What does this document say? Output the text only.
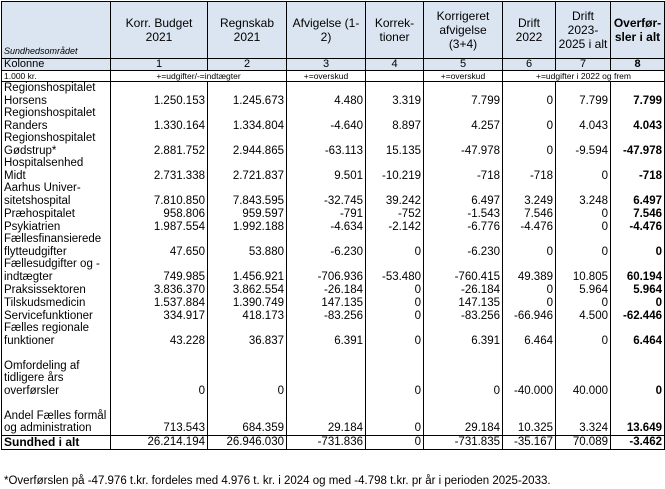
Sundhedsområdet	Korr. Budget 2021	Regnskab 2021	Afvigelse (1-2)	Korrek-tioner	Korrigeret afvigelse (3+4)	Drift 2022	Drift 2023-2025 i alt	Overfør-sler i alt
Kolonne	1	2	3	4	5	6	7	8
1.000 kr.	+=udgifter/-=indtægter		+=overskud		+=overskud	+=udgifter i 2022 og frem		
Regionshospitalet Horsens	1.250.153	1.245.673	4.480	3.319	7.799	0	7.799	7.799
Regionshospitalet Randers	1.330.164	1.334.804	-4.640	8.897	4.257	0	4.043	4.043
Regionshospitalet Gødstrup*	2.881.752	2.944.865	-63.113	15.135	-47.978	0	-9.594	-47.978
Hospitalsenhed Midt	2.731.338	2.721.837	9.501	-10.219	-718	-718	0	-718
Aarhus Univer-sitetshospital	7.810.850	7.843.595	-32.745	39.242	6.497	3.249	3.248	6.497
Præhospitalet	958.806	959.597	-791	-752	-1.543	7.546	0	7.546
Psykiatrien	1.987.554	1.992.188	-4.634	-2.142	-6.776	-4.476	0	-4.476
Fællesfinansierede flytteudgifter	47.650	53.880	-6.230	0	-6.230	0	0	0
Fællesudgifter og -indtægter	749.985	1.456.921	-706.936	-53.480	-760.415	49.389	10.805	60.194
Praksissektoren	3.836.370	3.862.554	-26.184	0	-26.184	0	5.964	5.964
Tilskudsmedicin	1.537.884	1.390.749	147.135	0	147.135	0	0	0
Servicefunktioner	334.917	418.173	-83.256	0	-83.256	-66.946	4.500	-62.446
Fælles regionale funktioner	43.228	36.837	6.391	0	6.391	6.464	0	6.464
Omfordeling af tidligere års overførsler	0	0		0	0	-40.000	40.000	0
Andel Fælles formål og administration	713.543	684.359	29.184	0	29.184	10.325	3.324	13.649
Sundhed i alt	26.214.194	26.946.030	-731.836	0	-731.835	-35.167	70.089	-3.462
*Overførslen på -47.976 t.kr. fordeles med 4.976 t. kr. i 2024 og med -4.798 t.kr. pr år i perioden 2025-2033.
